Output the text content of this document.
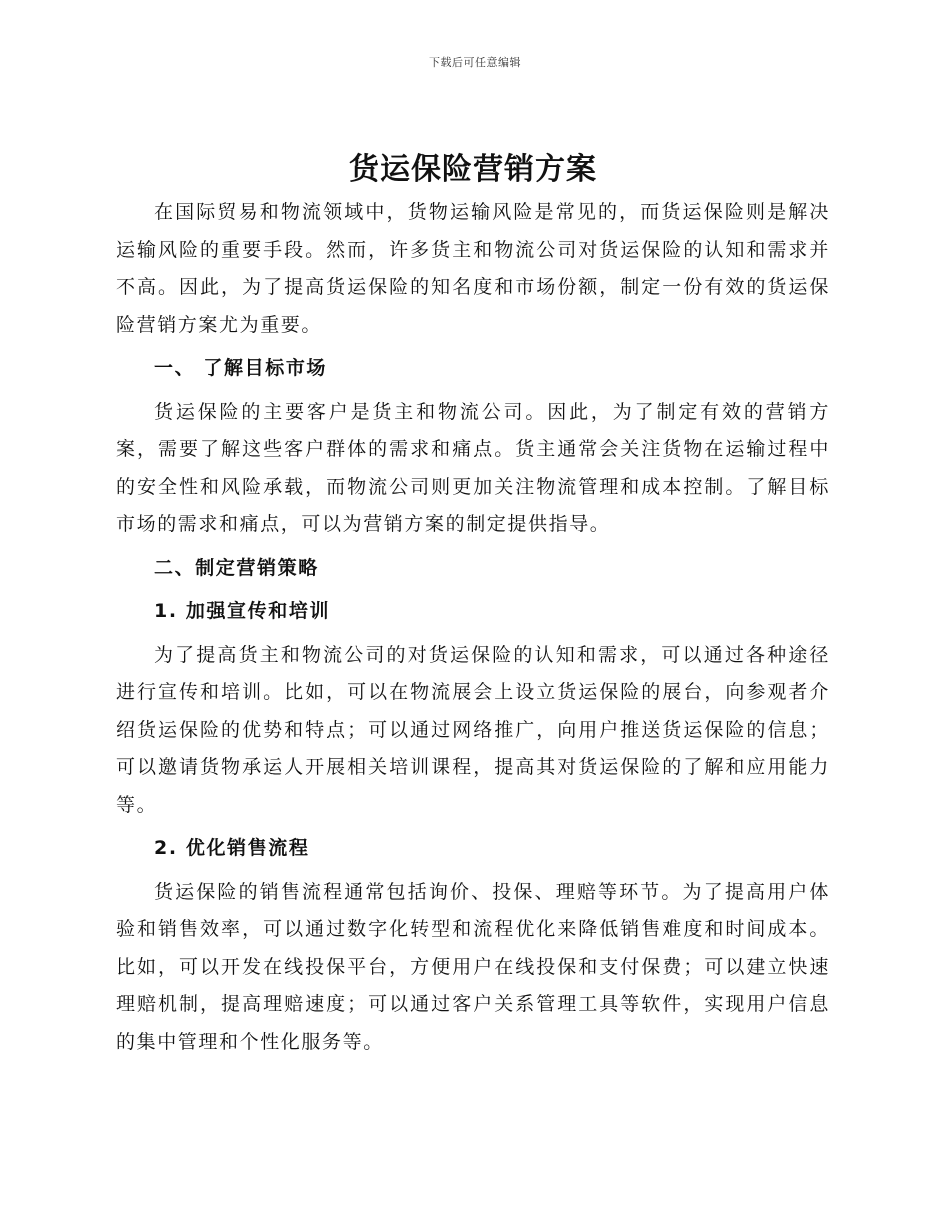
下载后可任意编辑
货运保险营销方案

在国际贸易和物流领域中，货物运输风险是常见的，而货运保险则是解决运输风险的重要手段。然而，许多货主和物流公司对货运保险的认知和需求并不高。因此，为了提高货运保险的知名度和市场份额，制定一份有效的货运保险营销方案尤为重要。

一、 了解目标市场

货运保险的主要客户是货主和物流公司。因此，为了制定有效的营销方案，需要了解这些客户群体的需求和痛点。货主通常会关注货物在运输过程中的安全性和风险承载，而物流公司则更加关注物流管理和成本控制。了解目标市场的需求和痛点，可以为营销方案的制定提供指导。

二、制定营销策略
1. 加强宣传和培训

为了提高货主和物流公司的对货运保险的认知和需求，可以通过各种途径进行宣传和培训。比如，可以在物流展会上设立货运保险的展台，向参观者介绍货运保险的优势和特点；可以通过网络推广，向用户推送货运保险的信息；可以邀请货物承运人开展相关培训课程，提高其对货运保险的了解和应用能力等。

2. 优化销售流程

货运保险的销售流程通常包括询价、投保、理赔等环节。为了提高用户体验和销售效率，可以通过数字化转型和流程优化来降低销售难度和时间成本。比如，可以开发在线投保平台，方便用户在线投保和支付保费；可以建立快速理赔机制，提高理赔速度；可以通过客户关系管理工具等软件，实现用户信息的集中管理和个性化服务等。
